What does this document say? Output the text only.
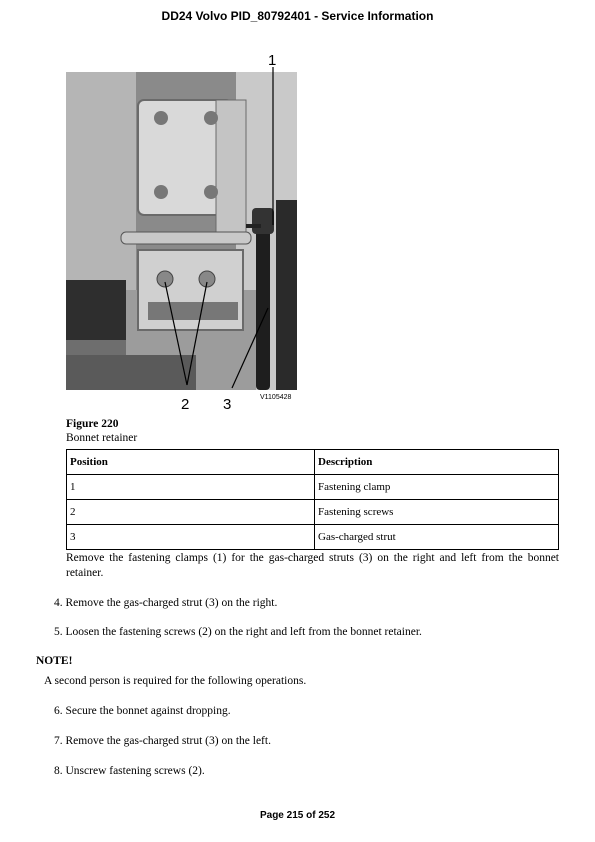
DD24 Volvo PID_80792401 - Service Information
1
2 3	V1105428
Figure 220
Bonnet retainer
Position	Description
1	Fastening clamp
2	Fastening screws
3	Gas-charged strut
Remove the fastening clamps (1) for the gas-charged struts (3) on the right and left from the bonnet retainer.
4. Remove the gas-charged strut (3) on the right.
5. Loosen the fastening screws (2) on the right and left from the bonnet retainer.
NOTE!
A second person is required for the following operations.
6. Secure the bonnet against dropping.
7. Remove the gas-charged strut (3) on the left.
8. Unscrew fastening screws (2).
Page 215 of 252
